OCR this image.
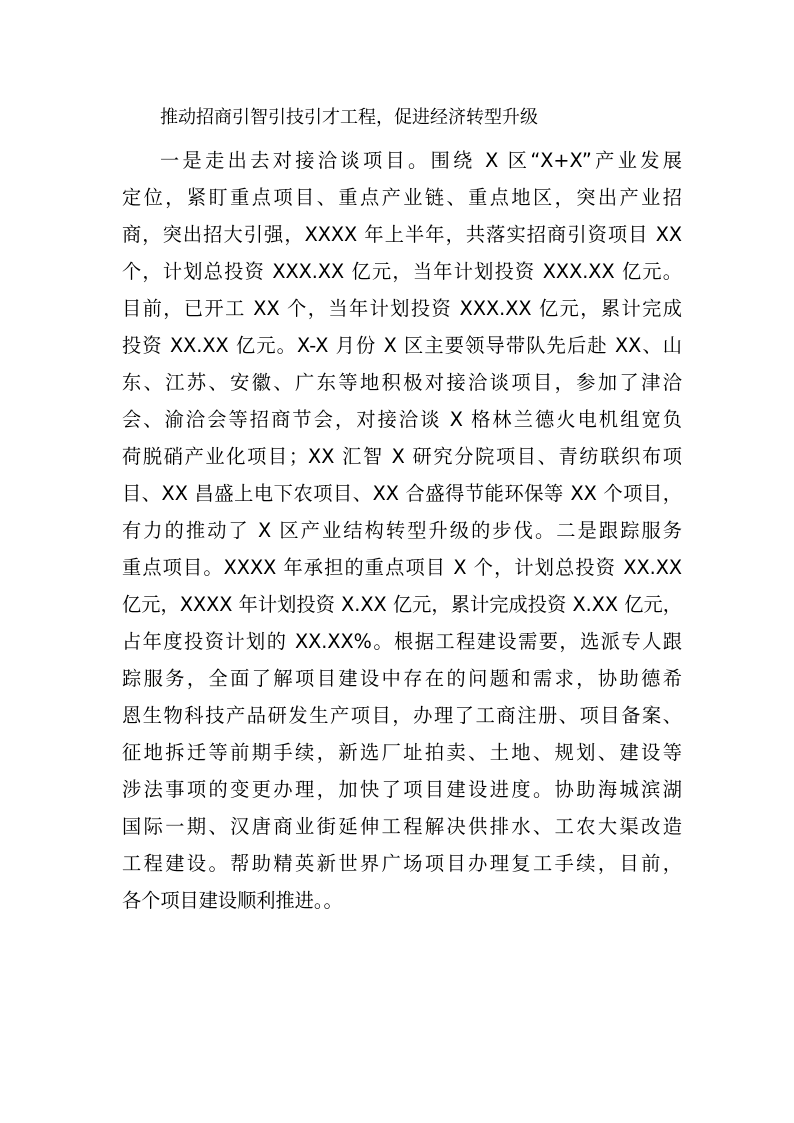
推动招商引智引技引才工程，促进经济转型升级
一是走出去对接洽谈项目。围绕 X 区“X+X”产业发展
定位，紧盯重点项目、重点产业链、重点地区，突出产业招
商，突出招大引强，XXXX 年上半年，共落实招商引资项目 XX
个，计划总投资 XXX.XX 亿元，当年计划投资 XXX.XX 亿元。
目前，已开工 XX 个，当年计划投资 XXX.XX 亿元，累计完成
投资 XX.XX 亿元。X-X 月份 X 区主要领导带队先后赴 XX、山
东、江苏、安徽、广东等地积极对接洽谈项目，参加了津洽
会、渝洽会等招商节会，对接洽谈 X 格林兰德火电机组宽负
荷脱硝产业化项目；XX 汇智 X 研究分院项目、青纺联织布项
目、XX 昌盛上电下农项目、XX 合盛得节能环保等 XX 个项目，
有力的推动了 X 区产业结构转型升级的步伐。二是跟踪服务
重点项目。XXXX 年承担的重点项目 X 个，计划总投资 XX.XX
亿元，XXXX 年计划投资 X.XX 亿元，累计完成投资 X.XX 亿元，
占年度投资计划的 XX.XX%。根据工程建设需要，选派专人跟
踪服务，全面了解项目建设中存在的问题和需求，协助德希
恩生物科技产品研发生产项目，办理了工商注册、项目备案、
征地拆迁等前期手续，新选厂址拍卖、土地、规划、建设等
涉法事项的变更办理，加快了项目建设进度。协助海城滨湖
国际一期、汉唐商业街延伸工程解决供排水、工农大渠改造
工程建设。帮助精英新世界广场项目办理复工手续，目前，
各个项目建设顺利推进。。
